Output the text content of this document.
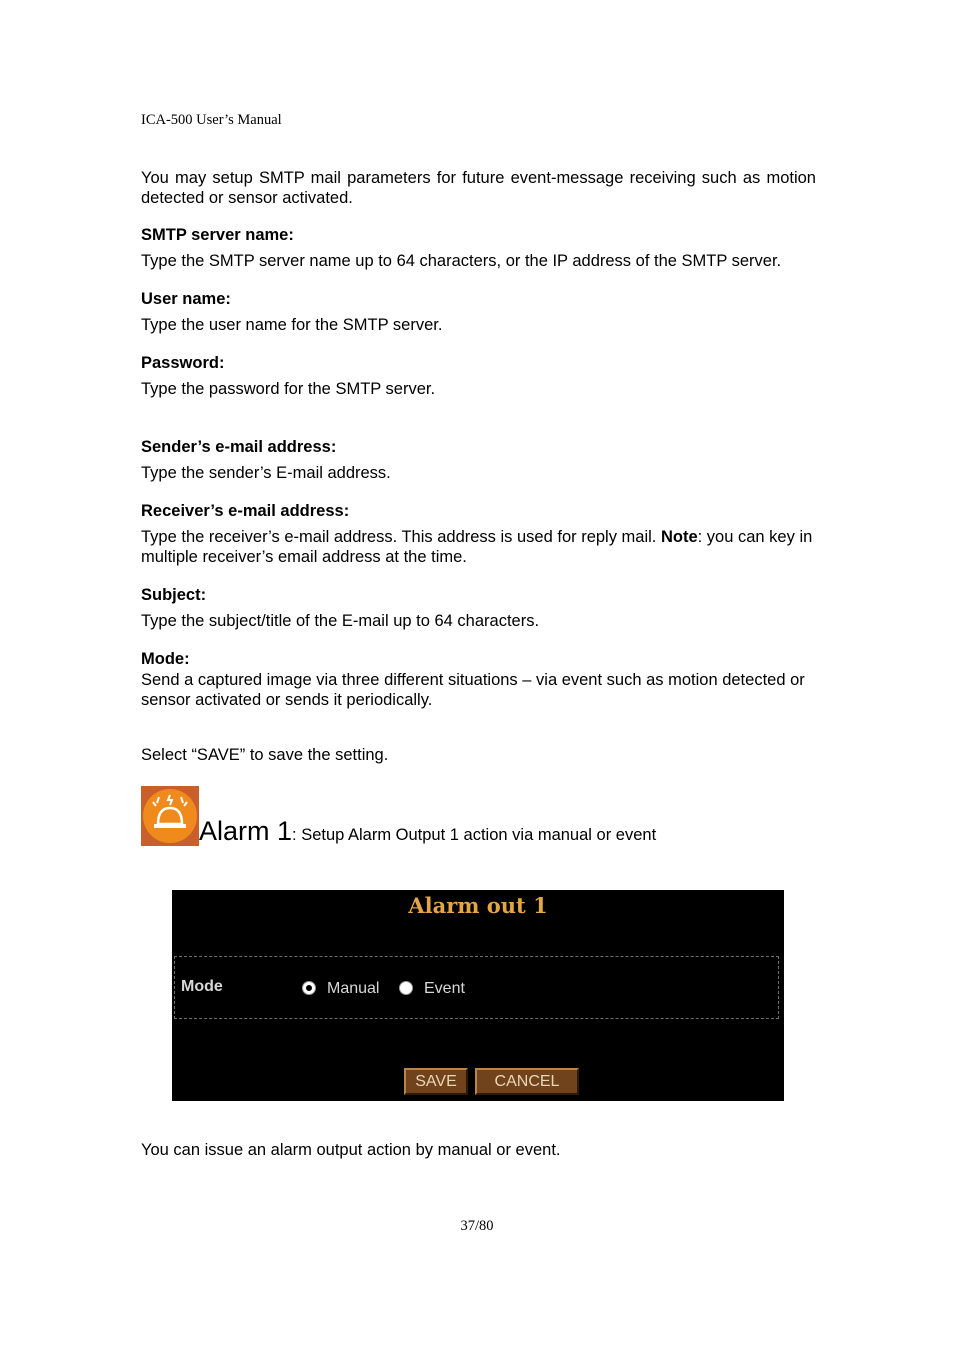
ICA-500 User’s Manual

You may setup SMTP mail parameters for future event-message receiving such as motion detected or sensor activated.

SMTP server name:

Type the SMTP server name up to 64 characters, or the IP address of the SMTP server.

User name:

Type the user name for the SMTP server.

Password:

Type the password for the SMTP server.

Sender’s e-mail address:

Type the sender’s E-mail address.

Receiver’s e-mail address:

Type the receiver’s e-mail address. This address is used for reply mail. Note: you can key in multiple receiver’s email address at the time.

Subject:

Type the subject/title of the E-mail up to 64 characters.

Mode:

Send a captured image via three different situations – via event such as motion detected or sensor activated or sends it periodically.

Select “SAVE” to save the setting.
Alarm 1: Setup Alarm Output 1 action via manual or event
Alarm out 1
Mode	Manual	Event
SAVE	CANCEL
You can issue an alarm output action by manual or event.
37/80
